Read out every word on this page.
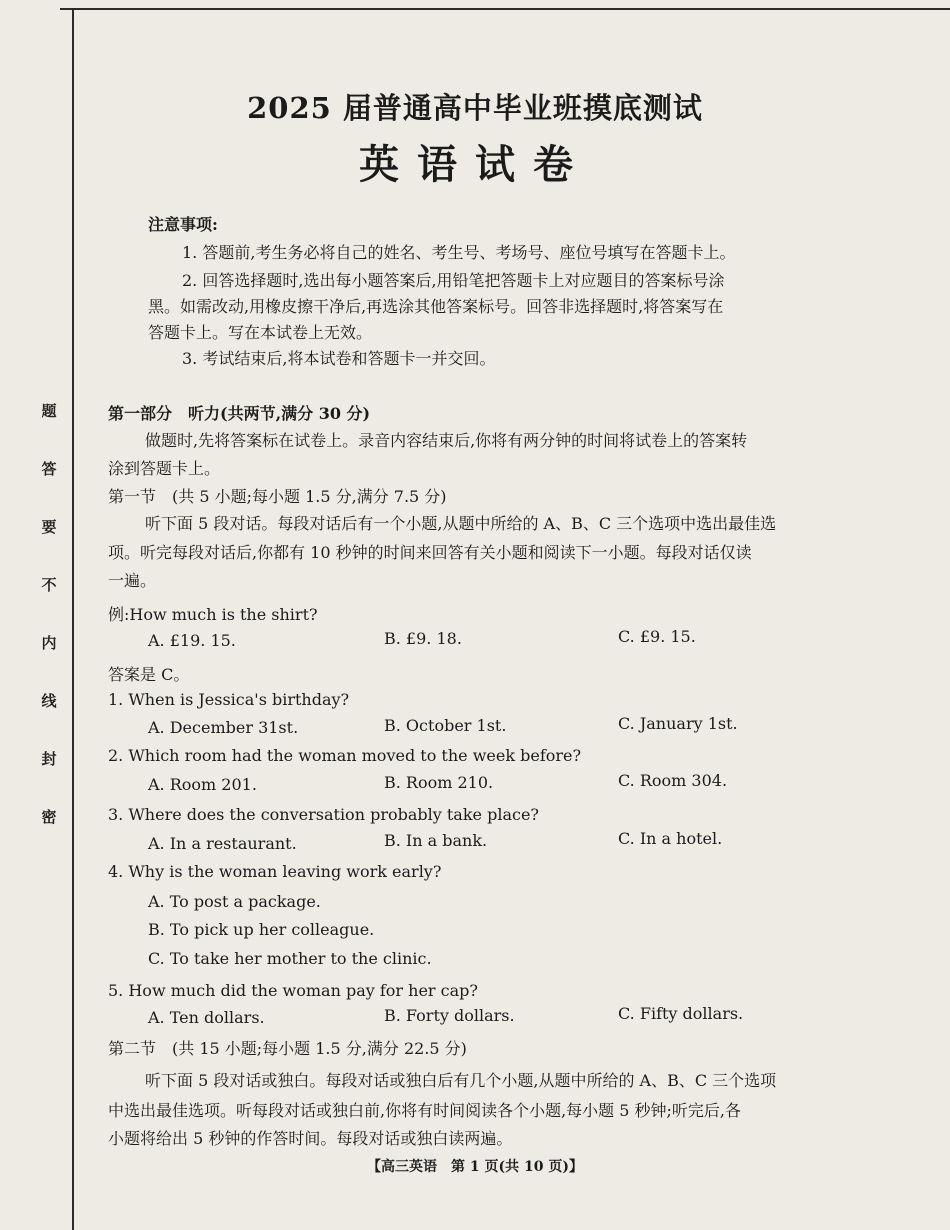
题
答
要
不
内
线
封
密
2025 届普通高中毕业班摸底测试
英语试卷
注意事项:
1. 答题前,考生务必将自己的姓名、考生号、考场号、座位号填写在答题卡上。
2. 回答选择题时,选出每小题答案后,用铅笔把答题卡上对应题目的答案标号涂
黑。如需改动,用橡皮擦干净后,再选涂其他答案标号。回答非选择题时,将答案写在
答题卡上。写在本试卷上无效。
3. 考试结束后,将本试卷和答题卡一并交回。
第一部分　听力(共两节,满分 30 分)
做题时,先将答案标在试卷上。录音内容结束后,你将有两分钟的时间将试卷上的答案转
涂到答题卡上。
第一节　(共 5 小题;每小题 1.5 分,满分 7.5 分)
听下面 5 段对话。每段对话后有一个小题,从题中所给的 A、B、C 三个选项中选出最佳选
项。听完每段对话后,你都有 10 秒钟的时间来回答有关小题和阅读下一小题。每段对话仅读
一遍。
例:How much is the shirt?
A. £19. 15.	B. £9. 18.	C. £9. 15.
答案是 C。
1. When is Jessica's birthday?
A. December 31st.	B. October 1st.	C. January 1st.
2. Which room had the woman moved to the week before?
A. Room 201.	B. Room 210.	C. Room 304.
3. Where does the conversation probably take place?
A. In a restaurant.	B. In a bank.	C. In a hotel.
4. Why is the woman leaving work early?
A. To post a package.
B. To pick up her colleague.
C. To take her mother to the clinic.
5. How much did the woman pay for her cap?
A. Ten dollars.	B. Forty dollars.	C. Fifty dollars.
第二节　(共 15 小题;每小题 1.5 分,满分 22.5 分)
听下面 5 段对话或独白。每段对话或独白后有几个小题,从题中所给的 A、B、C 三个选项
中选出最佳选项。听每段对话或独白前,你将有时间阅读各个小题,每小题 5 秒钟;听完后,各
小题将给出 5 秒钟的作答时间。每段对话或独白读两遍。
【高三英语　第 1 页(共 10 页)】
